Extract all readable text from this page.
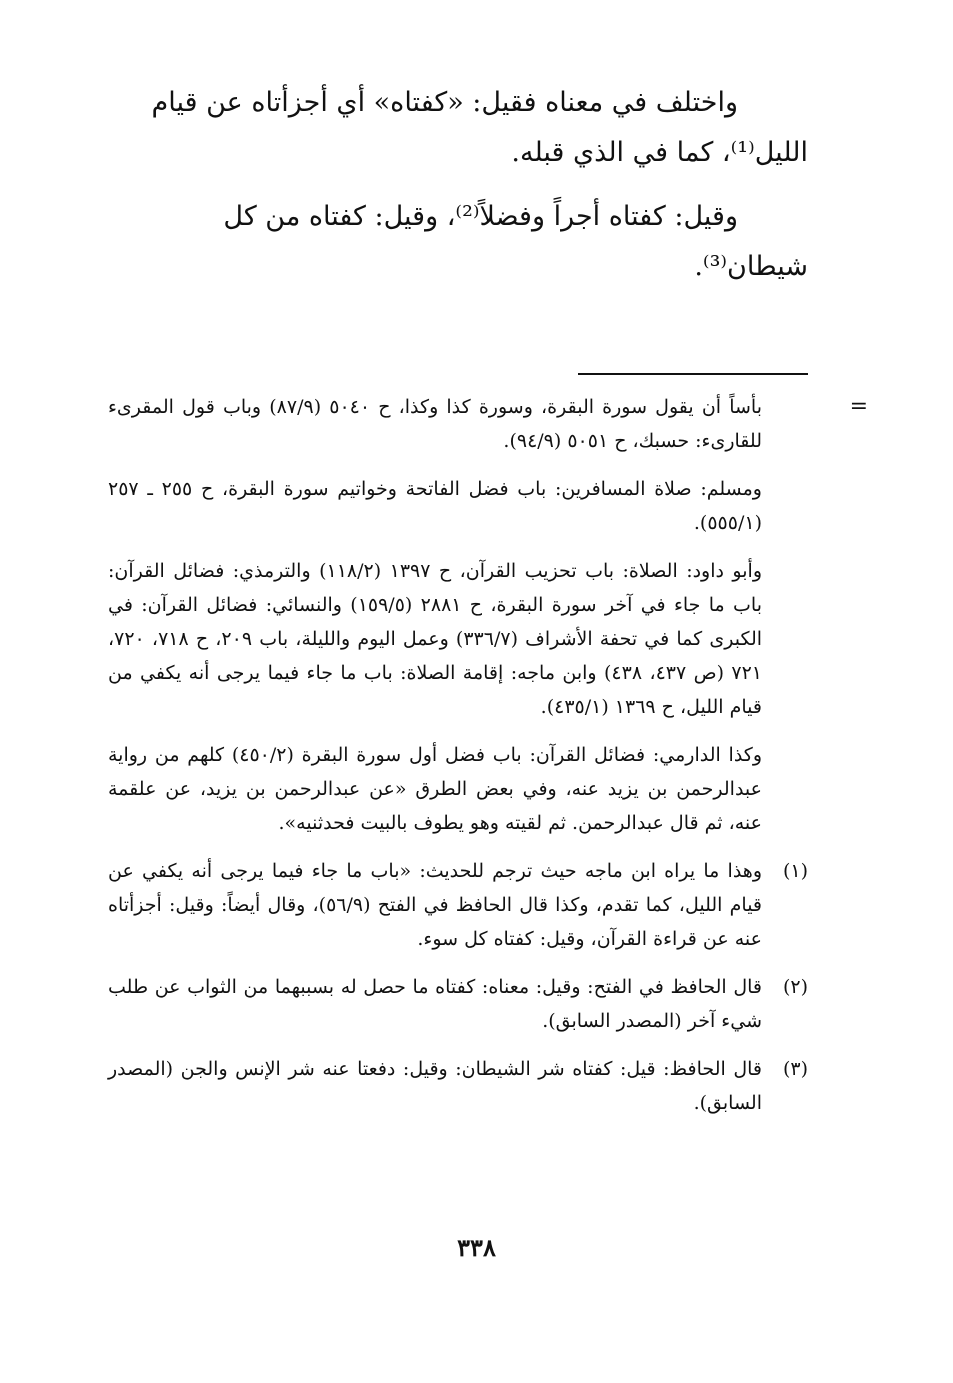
واختلف في معناه فقيل: «كفتاه» أي أجزأتاه عن قيام الليل⁽¹⁾، كما في الذي قبله.

وقيل: كفتاه أجراً وفضلاً⁽²⁾، وقيل: كفتاه من كل شيطان⁽³⁾.

=
بأساً أن يقول سورة البقرة، وسورة كذا وكذا، ح ٥٠٤٠ (٨٧/٩) وباب قول المقرىء للقارىء: حسبك، ح ٥٠٥١ (٩٤/٩).
ومسلم: صلاة المسافرين: باب فضل الفاتحة وخواتيم سورة البقرة، ح ٢٥٥ ـ ٢٥٧ (٥٥٥/١).
وأبو داود: الصلاة: باب تحزيب القرآن، ح ١٣٩٧ (١١٨/٢) والترمذي: فضائل القرآن: باب ما جاء في آخر سورة البقرة، ح ٢٨٨١ (١٥٩/٥) والنسائي: فضائل القرآن: في الكبرى كما في تحفة الأشراف (٣٣٦/٧) وعمل اليوم والليلة، باب ٢٠٩، ح ٧١٨، ٧٢٠، ٧٢١ (ص ٤٣٧، ٤٣٨) وابن ماجه: إقامة الصلاة: باب ما جاء فيما يرجى أنه يكفي من قيام الليل، ح ١٣٦٩ (٤٣٥/١).
وكذا الدارمي: فضائل القرآن: باب فضل أول سورة البقرة (٤٥٠/٢) كلهم من رواية عبدالرحمن بن يزيد عنه، وفي بعض الطرق «عن عبدالرحمن بن يزيد، عن علقمة عنه، ثم قال عبدالرحمن. ثم لقيته وهو يطوف بالبيت فحدثنيه».
(١)
وهذا ما يراه ابن ماجه حيث ترجم للحديث: «باب ما جاء فيما يرجى أنه يكفي عن قيام الليل، كما تقدم، وكذا قال الحافظ في الفتح (٥٦/٩)، وقال أيضاً: وقيل: أجزأتاه عنه عن قراءة القرآن، وقيل: كفتاه كل سوء.
(٢)
قال الحافظ في الفتح: وقيل: معناه: كفتاه ما حصل له بسببهما من الثواب عن طلب شيء آخر (المصدر السابق).
(٣)
قال الحافظ: قيل: كفتاه شر الشيطان: وقيل: دفعتا عنه شر الإنس والجن (المصدر السابق).
٣٣٨
